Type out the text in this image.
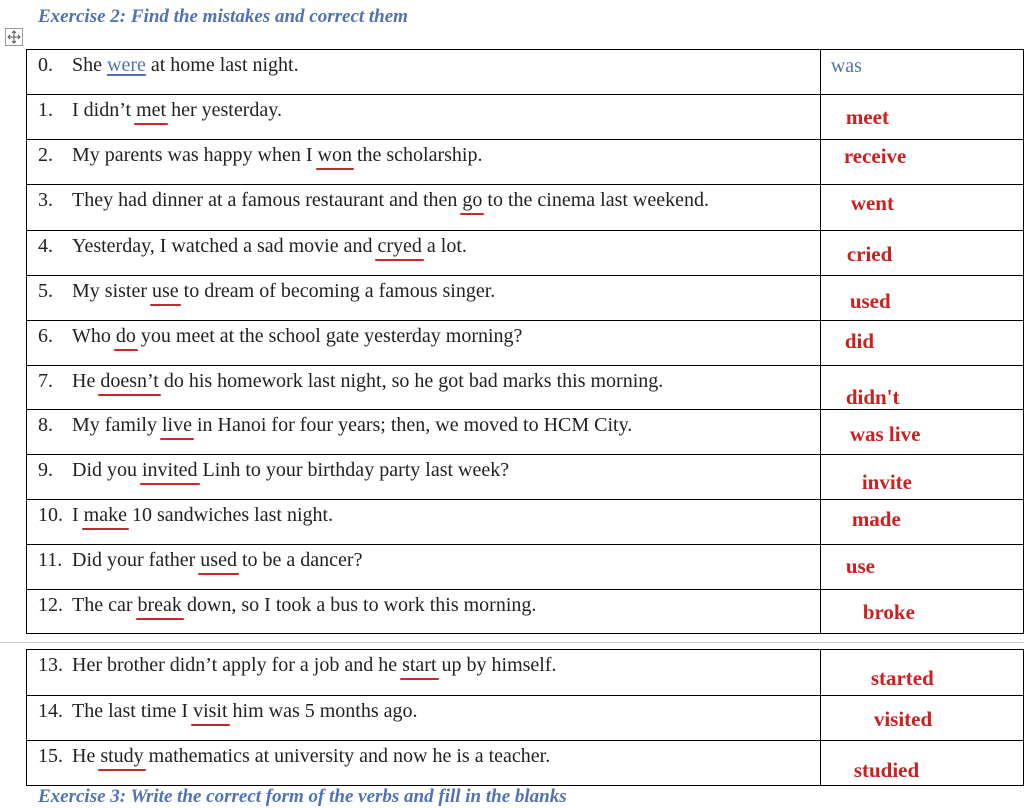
Exercise 2: Find the mistakes and correct them
0. She were at home last night.	was

1. I didn’t met her yesterday.	meet

2. My parents was happy when I won the scholarship.	receive

3. They had dinner at a famous restaurant and then go to the cinema last weekend.	went

4. Yesterday, I watched a sad movie and cryed a lot.	cried

5. My sister use to dream of becoming a famous singer.	used

6. Who do you meet at the school gate yesterday morning?	did

7. He doesn’t do his homework last night, so he got bad marks this morning.	didn't

8. My family live in Hanoi for four years; then, we moved to HCM City.	was live

9. Did you invited Linh to your birthday party last week?	invite

10. I make 10 sandwiches last night.	made

11. Did your father used to be a dancer?	use

12. The car break down, so I took a bus to work this morning.	broke
13. Her brother didn’t apply for a job and he start up by himself.	started

14. The last time I visit him was 5 months ago.	visited

15. He study mathematics at university and now he is a teacher.	studied
Exercise 3: Write the correct form of the verbs and fill in the blanks
